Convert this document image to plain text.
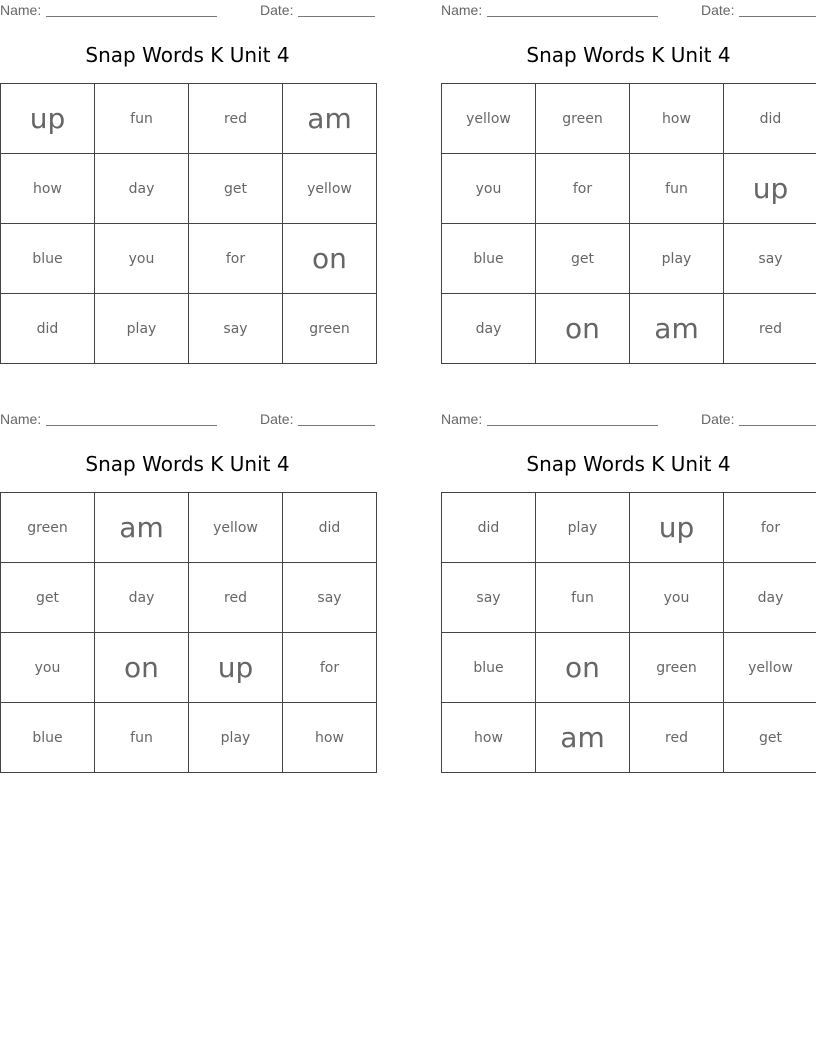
Name:	Date:
Snap Words K Unit 4
up	fun	red	am
how	day	get	yellow
blue	you	for	on
did	play	say	green
Name:	Date:
Snap Words K Unit 4
yellow	green	how	did
you	for	fun	up
blue	get	play	say
day	on	am	red
Name:	Date:
Snap Words K Unit 4
green	am	yellow	did
get	day	red	say
you	on	up	for
blue	fun	play	how
Name:	Date:
Snap Words K Unit 4
did	play	up	for
say	fun	you	day
blue	on	green	yellow
how	am	red	get
